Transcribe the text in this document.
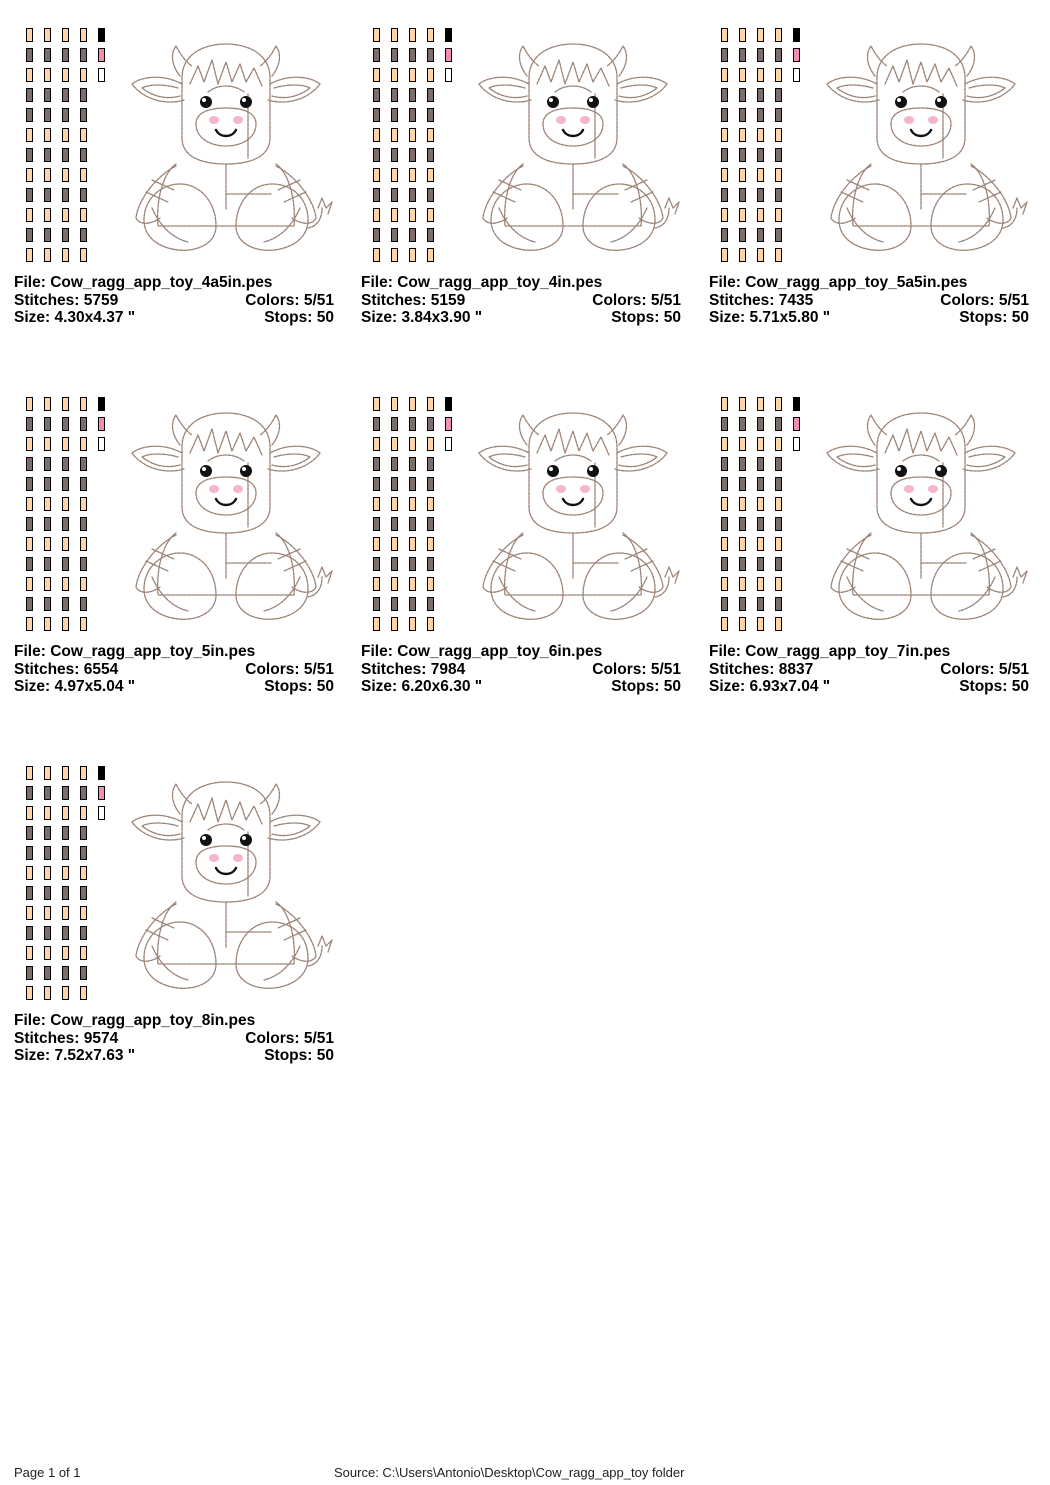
File: Cow_ragg_app_toy_4a5in.pes
Stitches: 5759	Colors: 5/51
Size: 4.30x4.37 "	Stops: 50
File: Cow_ragg_app_toy_4in.pes
Stitches: 5159	Colors: 5/51
Size: 3.84x3.90 "	Stops: 50
File: Cow_ragg_app_toy_5a5in.pes
Stitches: 7435	Colors: 5/51
Size: 5.71x5.80 "	Stops: 50
File: Cow_ragg_app_toy_5in.pes
Stitches: 6554	Colors: 5/51
Size: 4.97x5.04 "	Stops: 50
File: Cow_ragg_app_toy_6in.pes
Stitches: 7984	Colors: 5/51
Size: 6.20x6.30 "	Stops: 50
File: Cow_ragg_app_toy_7in.pes
Stitches: 8837	Colors: 5/51
Size: 6.93x7.04 "	Stops: 50
File: Cow_ragg_app_toy_8in.pes
Stitches: 9574	Colors: 5/51
Size: 7.52x7.63 "	Stops: 50
Page 1 of 1	Source: C:\Users\Antonio\Desktop\Cow_ragg_app_toy folder
